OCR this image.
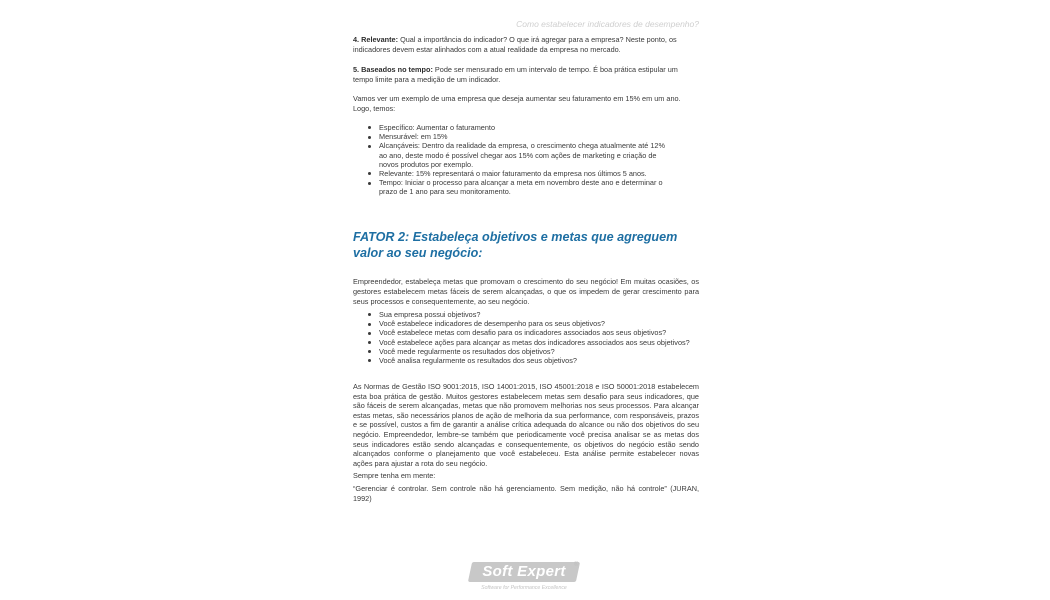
Como estabelecer indicadores de desempenho?

4. Relevante: Qual a importância do indicador? O que irá agregar para a empresa? Neste ponto, os indicadores devem estar alinhados com a atual realidade da empresa no mercado.

5. Baseados no tempo: Pode ser mensurado em um intervalo de tempo. É boa prática estipular um tempo limite para a medição de um indicador.

Vamos ver um exemplo de uma empresa que deseja aumentar seu faturamento em 15% em um ano. Logo, temos:

Específico: Aumentar o faturamento
Mensurável: em 15%
Alcançáveis: Dentro da realidade da empresa, o crescimento chega atualmente até 12% ao ano, deste modo é possível chegar aos 15% com ações de marketing e criação de novos produtos por exemplo.
Relevante: 15% representará o maior faturamento da empresa nos últimos 5 anos.
Tempo: Iniciar o processo para alcançar a meta em novembro deste ano e determinar o prazo de 1 ano para seu monitoramento.
FATOR 2: Estabeleça objetivos e metas que agreguem valor ao seu negócio:

Empreendedor, estabeleça metas que promovam o crescimento do seu negócio! Em muitas ocasiões, os gestores estabelecem metas fáceis de serem alcançadas, o que os impedem de gerar crescimento para seus processos e consequentemente, ao seu negócio.

Sua empresa possui objetivos?
Você estabelece indicadores de desempenho para os seus objetivos?
Você estabelece metas com desafio para os indicadores associados aos seus objetivos?
Você estabelece ações para alcançar as metas dos indicadores associados aos seus objetivos?
Você mede regularmente os resultados dos objetivos?
Você analisa regularmente os resultados dos seus objetivos?

As Normas de Gestão ISO 9001:2015, ISO 14001:2015, ISO 45001:2018 e ISO 50001:2018 estabelecem esta boa prática de gestão. Muitos gestores estabelecem metas sem desafio para seus indicadores, que são fáceis de serem alcançadas, metas que não promovem melhorias nos seus processos. Para alcançar estas metas, são necessários planos de ação de melhoria da sua performance, com responsáveis, prazos e se possível, custos a fim de garantir a análise crítica adequada do alcance ou não dos objetivos do seu negócio. Empreendedor, lembre-se também que periodicamente você precisa analisar se as metas dos seus indicadores estão sendo alcançadas e consequentemente, os objetivos do negócio estão sendo alcançados conforme o planejamento que você estabeleceu. Esta análise permite estabelecer novas ações para ajustar a rota do seu negócio.

Sempre tenha em mente:

“Gerenciar é controlar. Sem controle não há gerenciamento. Sem medição, não há controle” (JURAN, 1992)

Soft Expert	®
Software for Performance Excellence
